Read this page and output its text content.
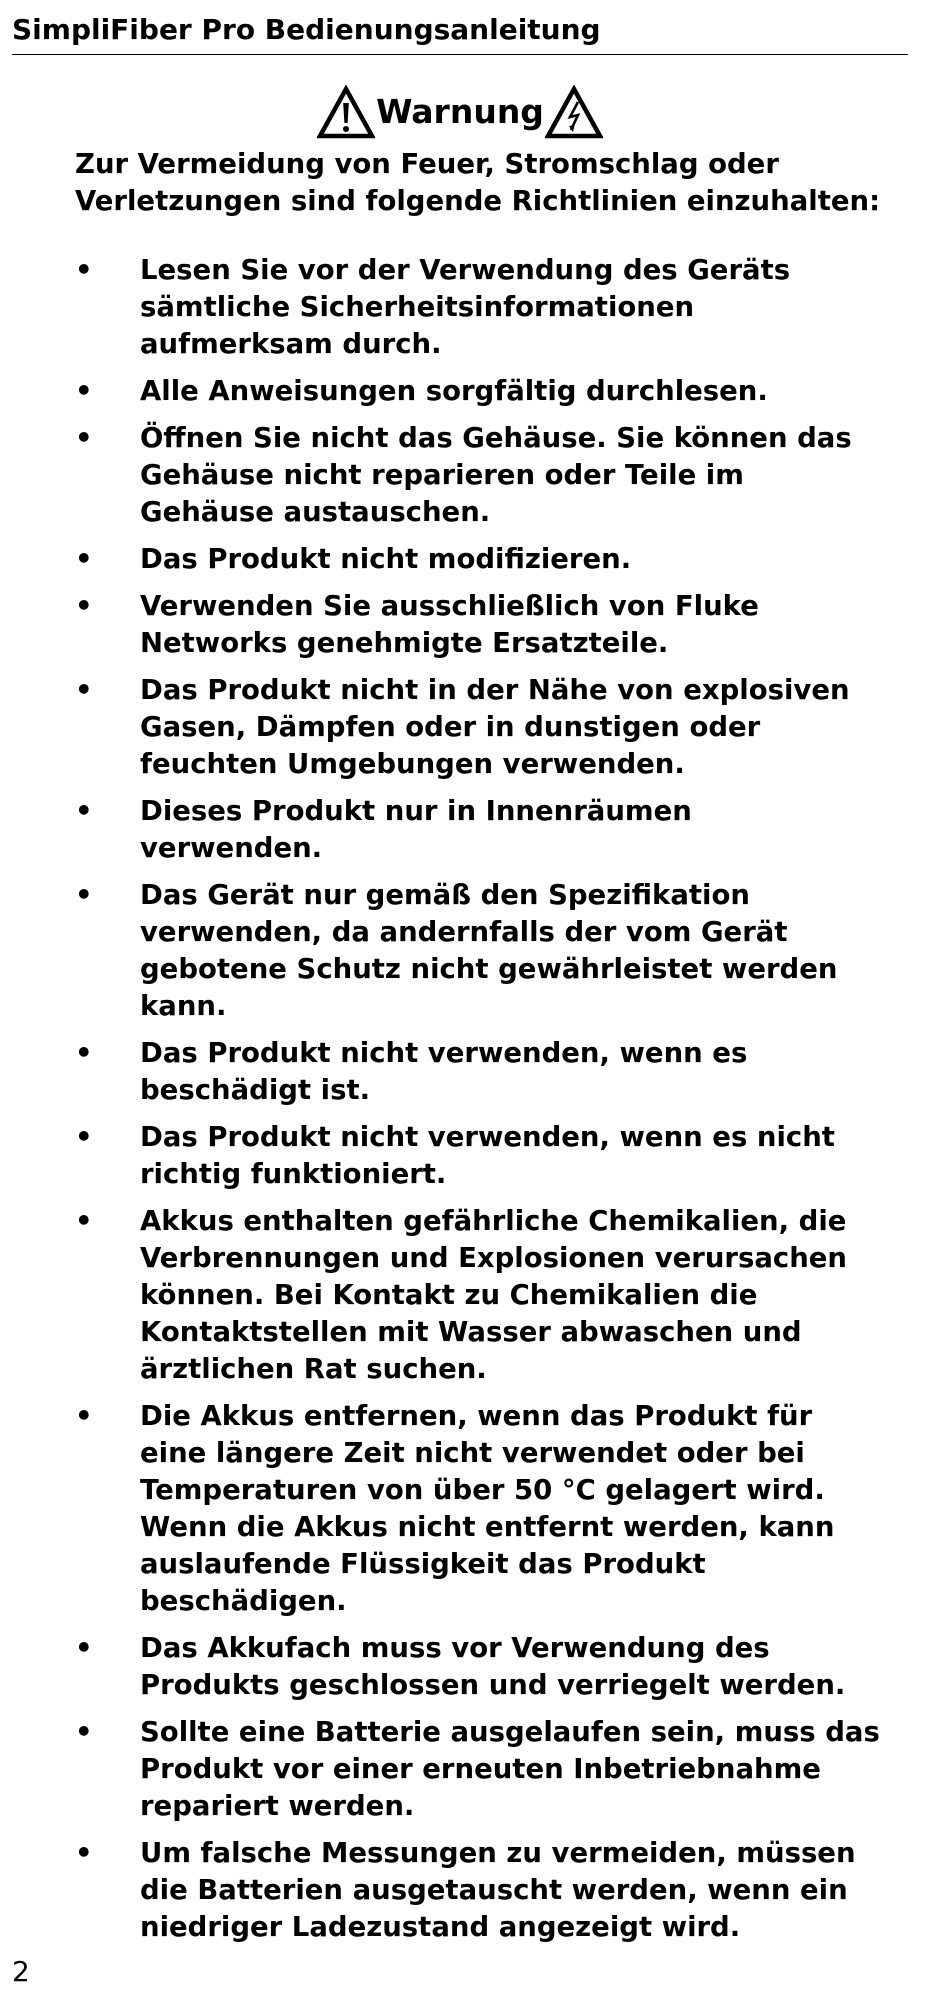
SimpliFiber Pro Bedienungsanleitung
Warnung
Zur Vermeidung von Feuer, Stromschlag oder Verletzungen sind folgende Richtlinien einzuhalten:
• Lesen Sie vor der Verwendung des Geräts sämtliche Sicherheitsinformationen aufmerksam durch.
• Alle Anweisungen sorgfältig durchlesen.
• Öffnen Sie nicht das Gehäuse. Sie können das Gehäuse nicht reparieren oder Teile im Gehäuse austauschen.
• Das Produkt nicht modifizieren.
• Verwenden Sie ausschließlich von Fluke Networks genehmigte Ersatzteile.
• Das Produkt nicht in der Nähe von explosiven Gasen, Dämpfen oder in dunstigen oder feuchten Umgebungen verwenden.
• Dieses Produkt nur in Innenräumen verwenden.
• Das Gerät nur gemäß den Spezifikation verwenden, da andernfalls der vom Gerät gebotene Schutz nicht gewährleistet werden kann.
• Das Produkt nicht verwenden, wenn es beschädigt ist.
• Das Produkt nicht verwenden, wenn es nicht richtig funktioniert.
• Akkus enthalten gefährliche Chemikalien, die Verbrennungen und Explosionen verursachen können. Bei Kontakt zu Chemikalien die Kontaktstellen mit Wasser abwaschen und ärztlichen Rat suchen.
• Die Akkus entfernen, wenn das Produkt für eine längere Zeit nicht verwendet oder bei Temperaturen von über 50 °C gelagert wird. Wenn die Akkus nicht entfernt werden, kann auslaufende Flüssigkeit das Produkt beschädigen.
• Das Akkufach muss vor Verwendung des Produkts geschlossen und verriegelt werden.
• Sollte eine Batterie ausgelaufen sein, muss das Produkt vor einer erneuten Inbetriebnahme repariert werden.
• Um falsche Messungen zu vermeiden, müssen die Batterien ausgetauscht werden, wenn ein niedriger Ladezustand angezeigt wird.
2
